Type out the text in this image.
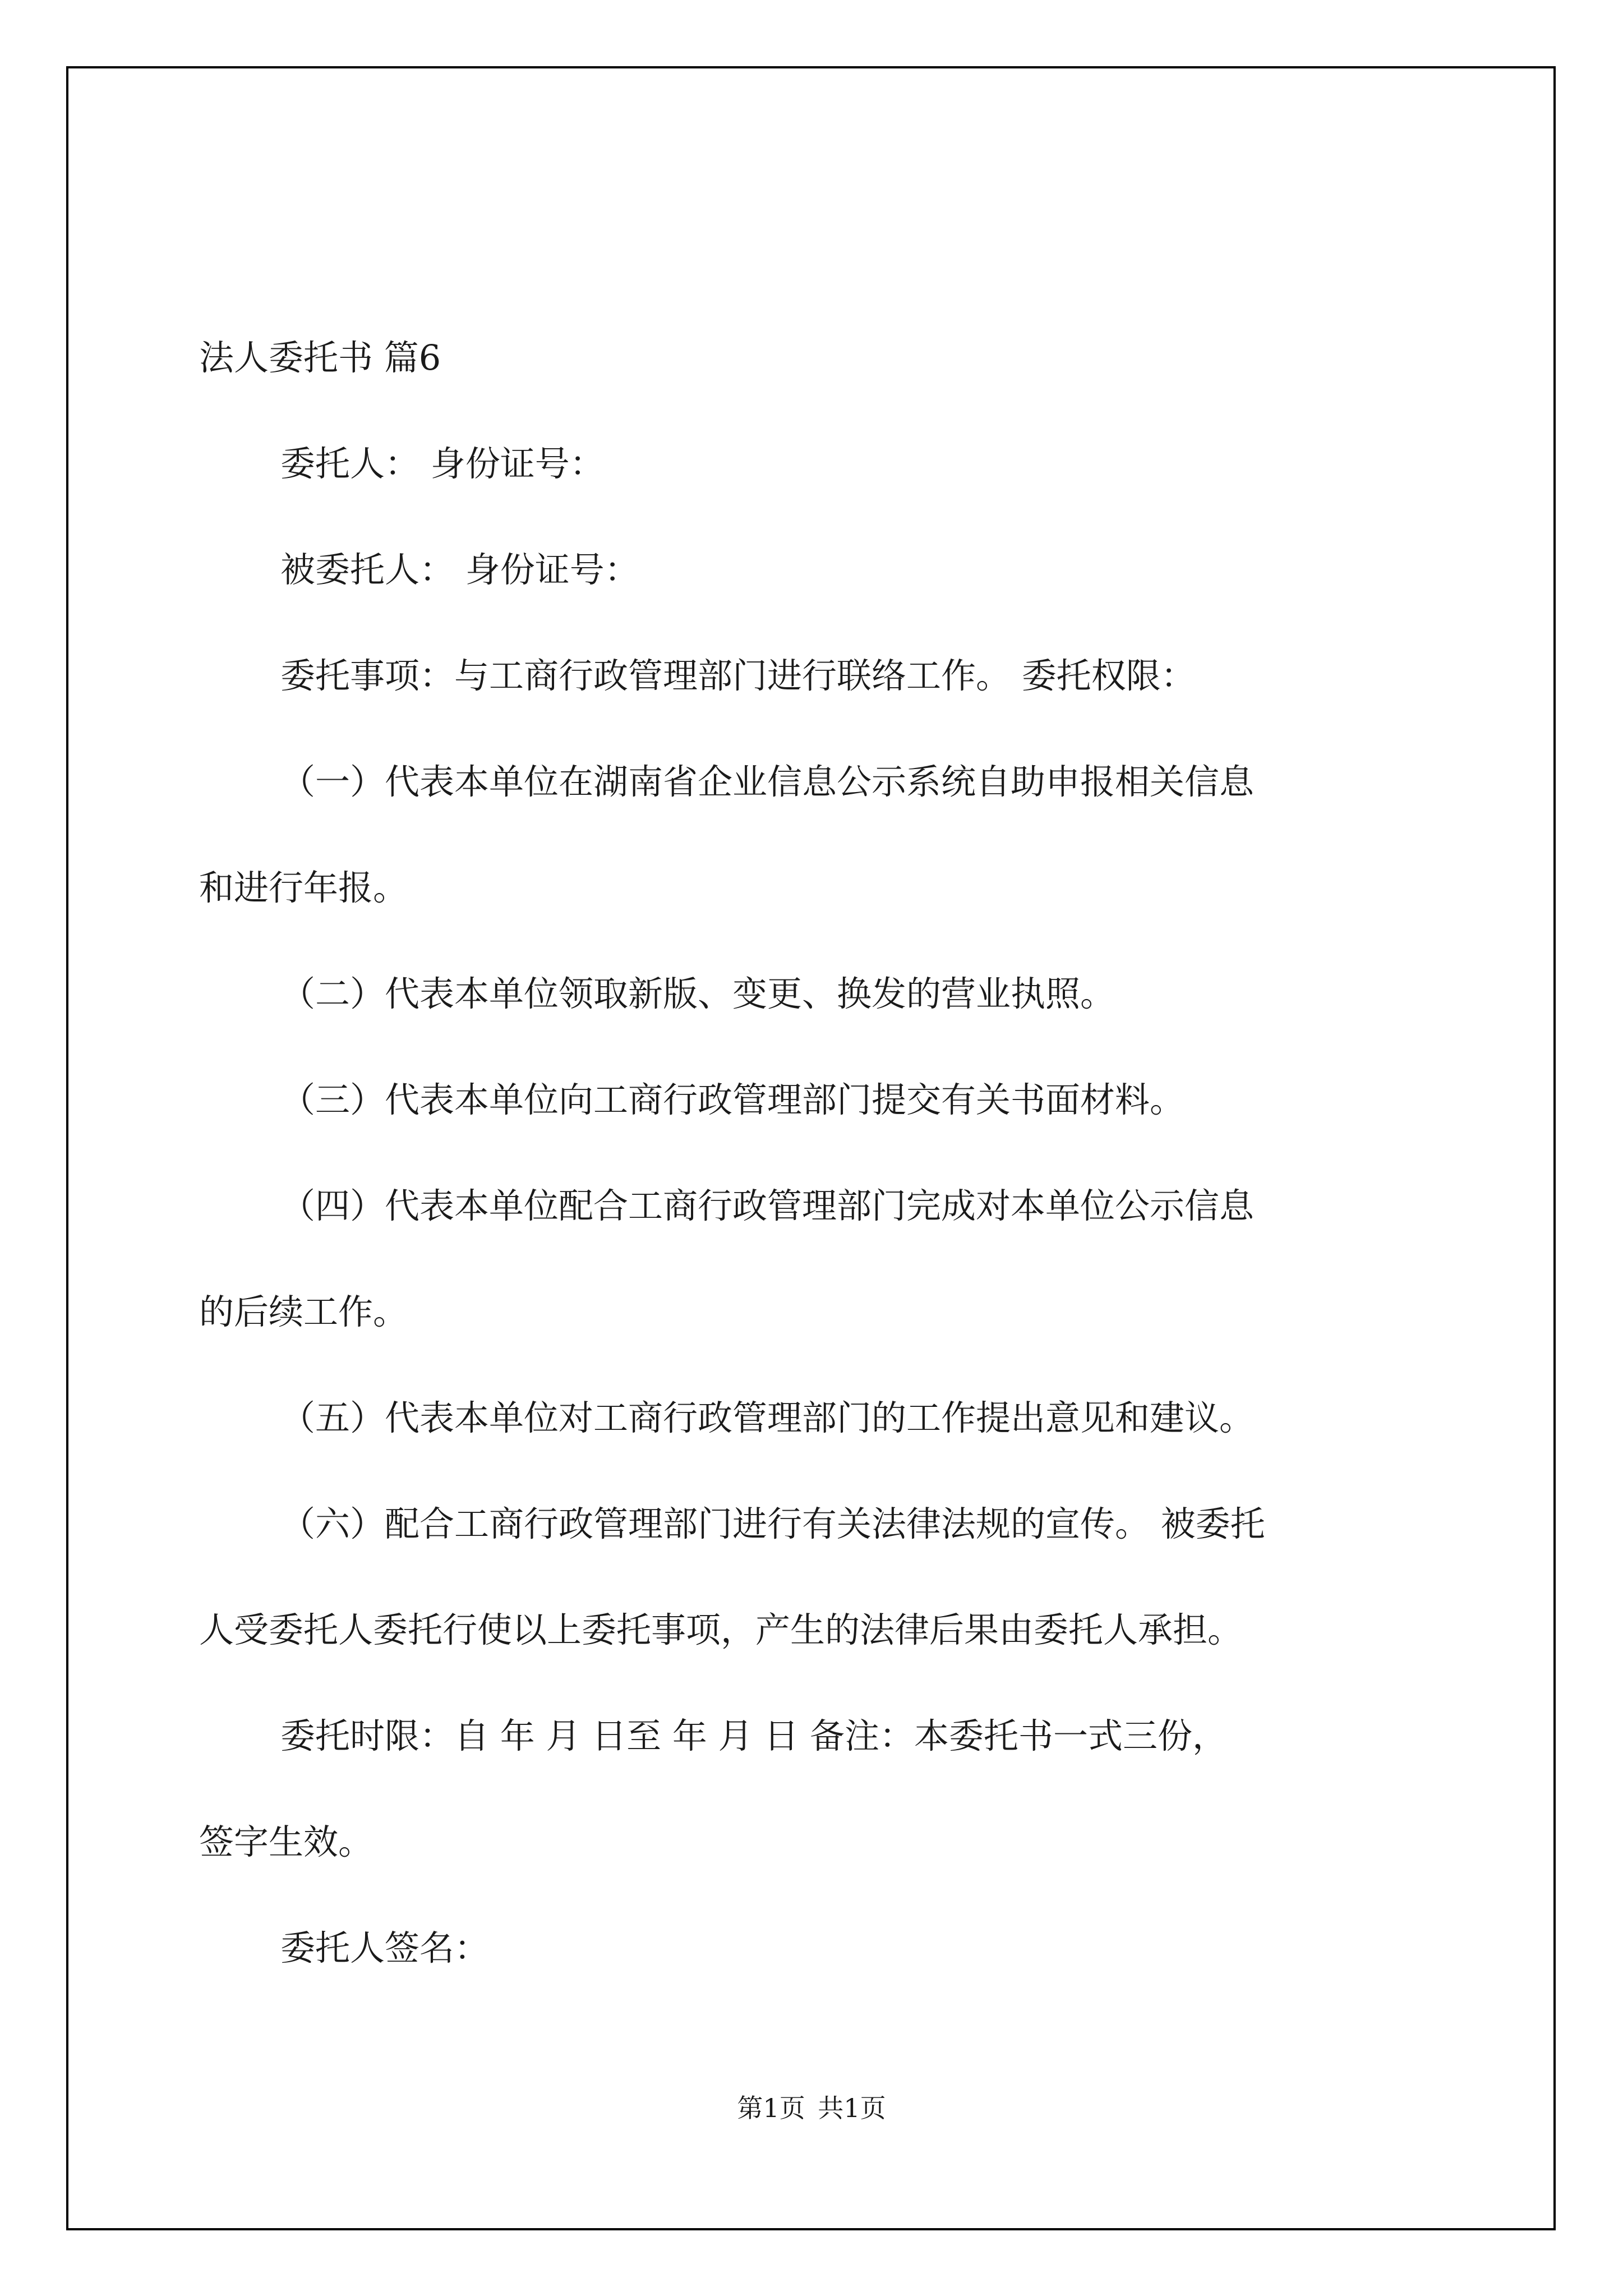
法人委托书 篇6

委托人： 身份证号：

被委托人： 身份证号：

委托事项：与工商行政管理部门进行联络工作。 委托权限：

（一）代表本单位在湖南省企业信息公示系统自助申报相关信息

和进行年报。

（二）代表本单位领取新版、变更、换发的营业执照。

（三）代表本单位向工商行政管理部门提交有关书面材料。

（四）代表本单位配合工商行政管理部门完成对本单位公示信息

的后续工作。

（五）代表本单位对工商行政管理部门的工作提出意见和建议。

（六）配合工商行政管理部门进行有关法律法规的宣传。 被委托

人受委托人委托行使以上委托事项，产生的法律后果由委托人承担。

委托时限：自 年 月 日至 年 月 日 备注：本委托书一式三份，

签字生效。

委托人签名：

第1页 共1页
